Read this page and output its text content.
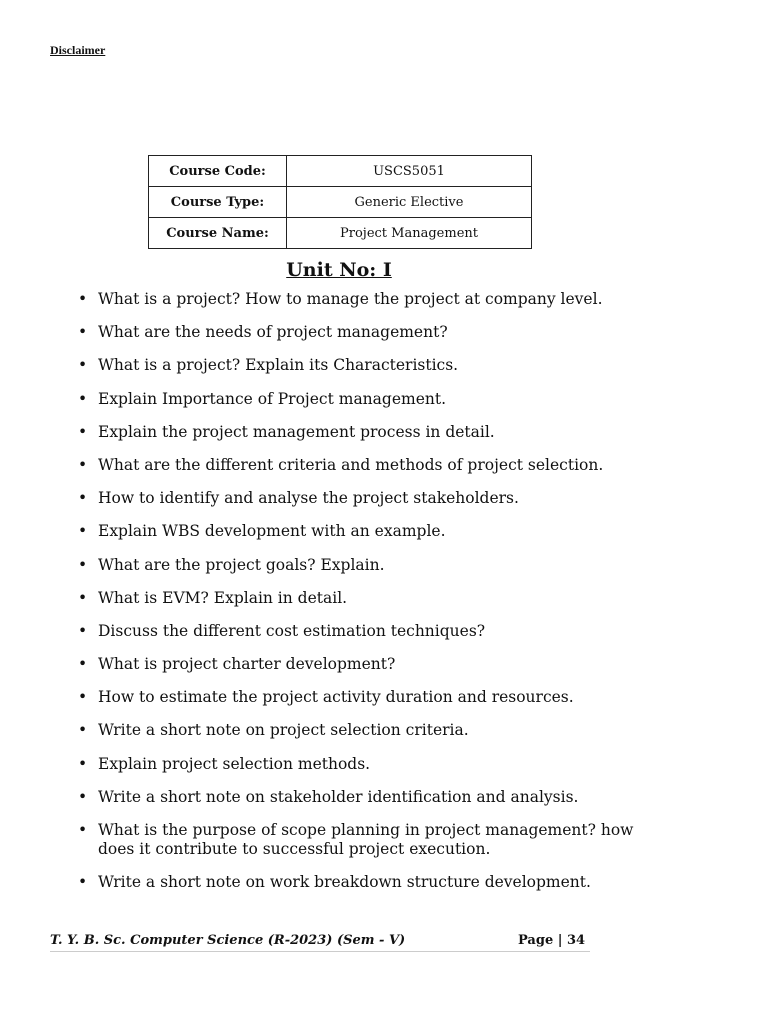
Disclaimer
Course Code:	USCS5051
Course Type:	Generic Elective
Course Name:	Project Management
Unit No: I
• What is a project? How to manage the project at company level.
• What are the needs of project management?
• What is a project? Explain its Characteristics.
• Explain Importance of Project management.
• Explain the project management process in detail.
• What are the different criteria and methods of project selection.
• How to identify and analyse the project stakeholders.
• Explain WBS development with an example.
• What are the project goals? Explain.
• What is EVM? Explain in detail.
• Discuss the different cost estimation techniques?
• What is project charter development?
• How to estimate the project activity duration and resources.
• Write a short note on project selection criteria.
• Explain project selection methods.
• Write a short note on stakeholder identification and analysis.
• What is the purpose of scope planning in project management? how does it contribute to successful project execution.
• Write a short note on work breakdown structure development.
T. Y. B. Sc. Computer Science (R-2023) (Sem - V)	Page | 34
